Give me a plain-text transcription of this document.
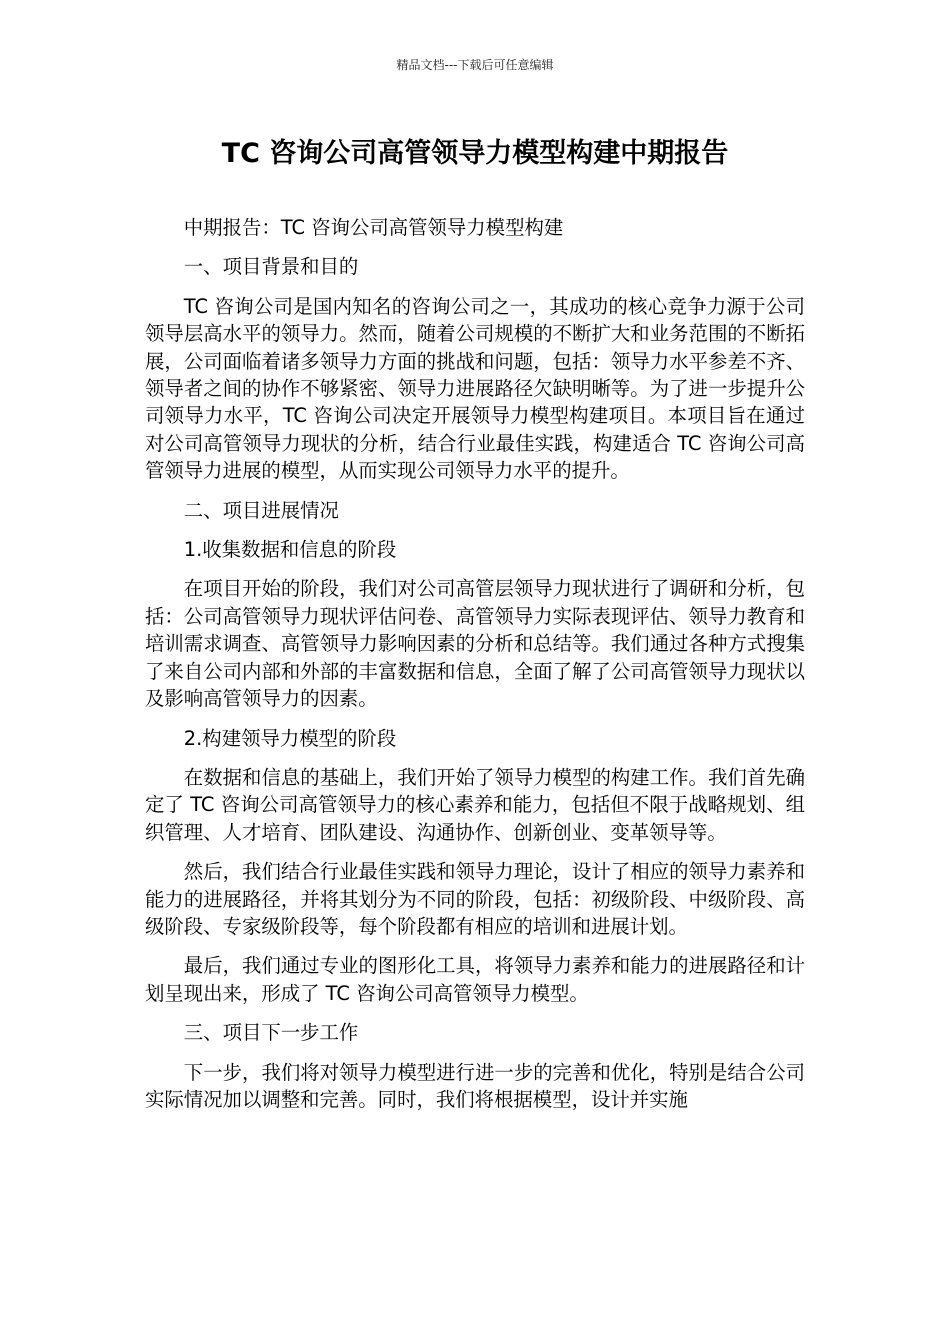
精品文档---下载后可任意编辑
TC 咨询公司高管领导力模型构建中期报告

中期报告：TC 咨询公司高管领导力模型构建

一、项目背景和目的

TC 咨询公司是国内知名的咨询公司之一，其成功的核心竞争力源于公司领导层高水平的领导力。然而，随着公司规模的不断扩大和业务范围的不断拓展，公司面临着诸多领导力方面的挑战和问题，包括：领导力水平参差不齐、领导者之间的协作不够紧密、领导力进展路径欠缺明晰等。为了进一步提升公司领导力水平，TC 咨询公司决定开展领导力模型构建项目。本项目旨在通过对公司高管领导力现状的分析，结合行业最佳实践，构建适合 TC 咨询公司高管领导力进展的模型，从而实现公司领导力水平的提升。

二、项目进展情况

1.收集数据和信息的阶段

在项目开始的阶段，我们对公司高管层领导力现状进行了调研和分析，包括：公司高管领导力现状评估问卷、高管领导力实际表现评估、领导力教育和培训需求调查、高管领导力影响因素的分析和总结等。我们通过各种方式搜集了来自公司内部和外部的丰富数据和信息，全面了解了公司高管领导力现状以及影响高管领导力的因素。

2.构建领导力模型的阶段

在数据和信息的基础上，我们开始了领导力模型的构建工作。我们首先确定了 TC 咨询公司高管领导力的核心素养和能力，包括但不限于战略规划、组织管理、人才培育、团队建设、沟通协作、创新创业、变革领导等。

然后，我们结合行业最佳实践和领导力理论，设计了相应的领导力素养和能力的进展路径，并将其划分为不同的阶段，包括：初级阶段、中级阶段、高级阶段、专家级阶段等，每个阶段都有相应的培训和进展计划。

最后，我们通过专业的图形化工具，将领导力素养和能力的进展路径和计划呈现出来，形成了 TC 咨询公司高管领导力模型。

三、项目下一步工作

下一步，我们将对领导力模型进行进一步的完善和优化，特别是结合公司实际情况加以调整和完善。同时，我们将根据模型，设计并实施
